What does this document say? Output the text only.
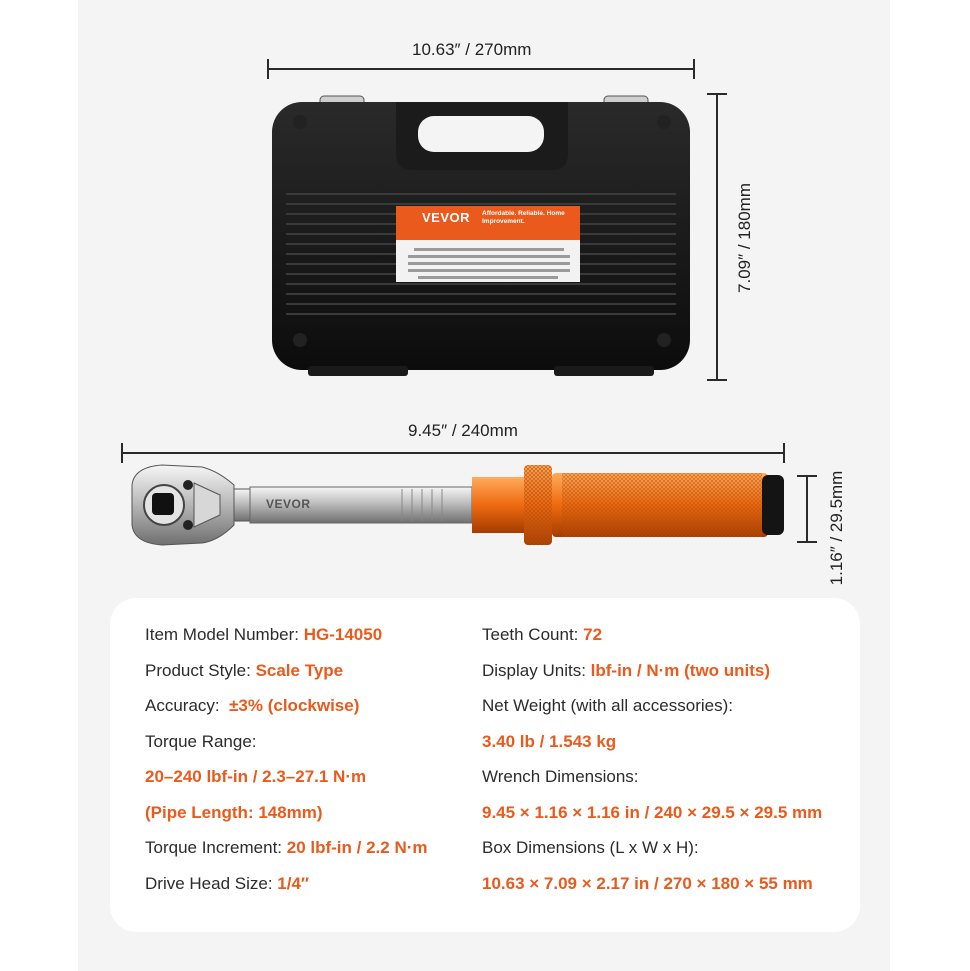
10.63″ / 270mm
7.09″ / 180mm
VEVOR Affordable. Reliable. Home Improvement.
9.45″ / 240mm
1.16″ / 29.5mm
VEVOR
Item Model Number: HG-14050
Product Style: Scale Type
Accuracy:  ±3% (clockwise)
Torque Range:
20–240 lbf-in / 2.3–27.1 N·m
(Pipe Length: 148mm)
Torque Increment: 20 lbf-in / 2.2 N·m
Drive Head Size: 1/4″
Teeth Count: 72
Display Units: lbf-in / N·m (two units)
Net Weight (with all accessories):
3.40 lb / 1.543 kg
Wrench Dimensions:
9.45 × 1.16 × 1.16 in / 240 × 29.5 × 29.5 mm
Box Dimensions (L x W x H):
10.63 × 7.09 × 2.17 in / 270 × 180 × 55 mm
